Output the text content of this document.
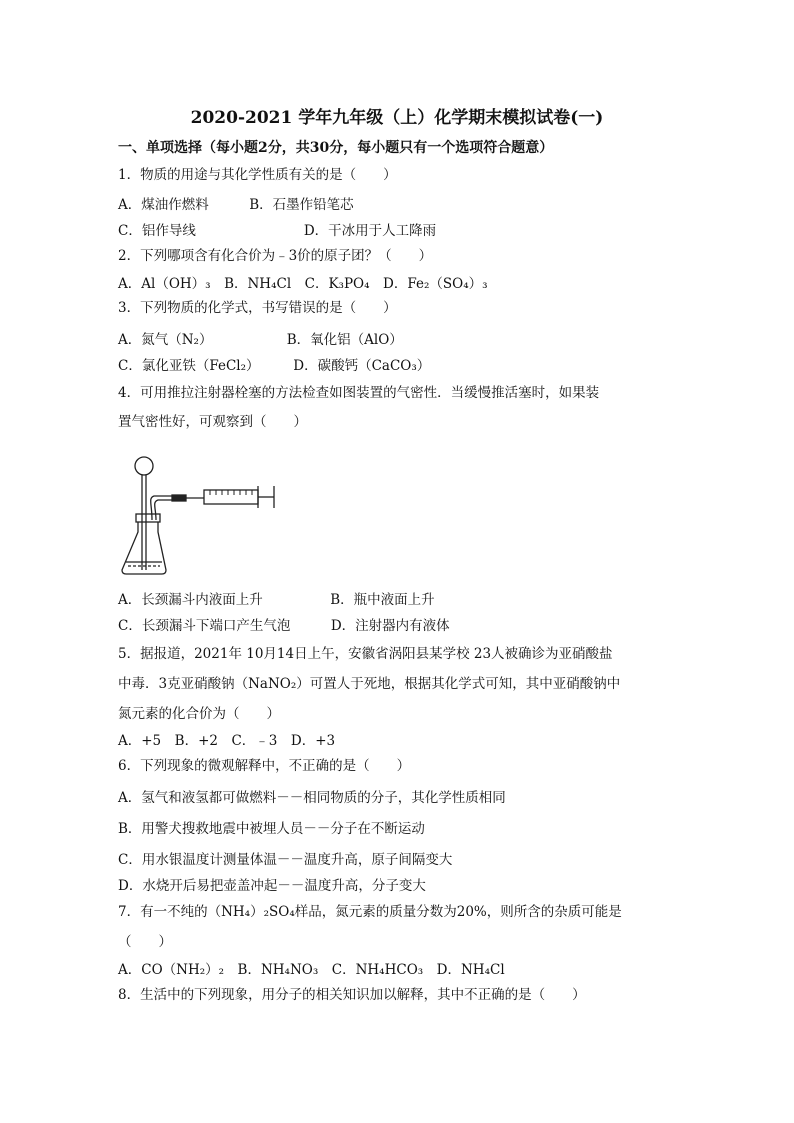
2020-2021 学年九年级（上）化学期末模拟试卷(一)
一、单项选择（每小题2分，共30分，每小题只有一个选项符合题意）
1．物质的用途与其化学性质有关的是（　　）
A．煤油作燃料　　　B．石墨作铅笔芯
C．铝作导线　　　　　　　　D．干冰用于人工降雨
2．下列哪项含有化合价为﹣3价的原子团？（　　）
A．Al（OH）₃　B．NH₄Cl　C．K₃PO₄　D．Fe₂（SO₄）₃
3．下列物质的化学式，书写错误的是（　　）
A．氮气（N₂）　　　　　　B．氧化铝（AlO）
C．氯化亚铁（FeCl₂）　　　D．碳酸钙（CaCO₃）
4．可用推拉注射器栓塞的方法检查如图装置的气密性．当缓慢推活塞时，如果装
置气密性好，可观察到（　　）
A．长颈漏斗内液面上升　　　　　B．瓶中液面上升
C．长颈漏斗下端口产生气泡　　　D．注射器内有液体
5．据报道，2021年 10月14日上午，安徽省涡阳县某学校 23人被确诊为亚硝酸盐
中毒．3克亚硝酸钠（NaNO₂）可置人于死地，根据其化学式可知，其中亚硝酸钠中
氮元素的化合价为（　　）
A．+5　B．+2　C．﹣3　D．+3
6．下列现象的微观解释中，不正确的是（　　）
A．氢气和液氢都可做燃料－－相同物质的分子，其化学性质相同
B．用警犬搜救地震中被埋人员－－分子在不断运动
C．用水银温度计测量体温－－温度升高，原子间隔变大
D．水烧开后易把壶盖冲起－－温度升高，分子变大
7．有一不纯的（NH₄）₂SO₄样品，氮元素的质量分数为20%，则所含的杂质可能是
（　　）
A．CO（NH₂）₂　B．NH₄NO₃　C．NH₄HCO₃　D．NH₄Cl
8．生活中的下列现象，用分子的相关知识加以解释，其中不正确的是（　　）
